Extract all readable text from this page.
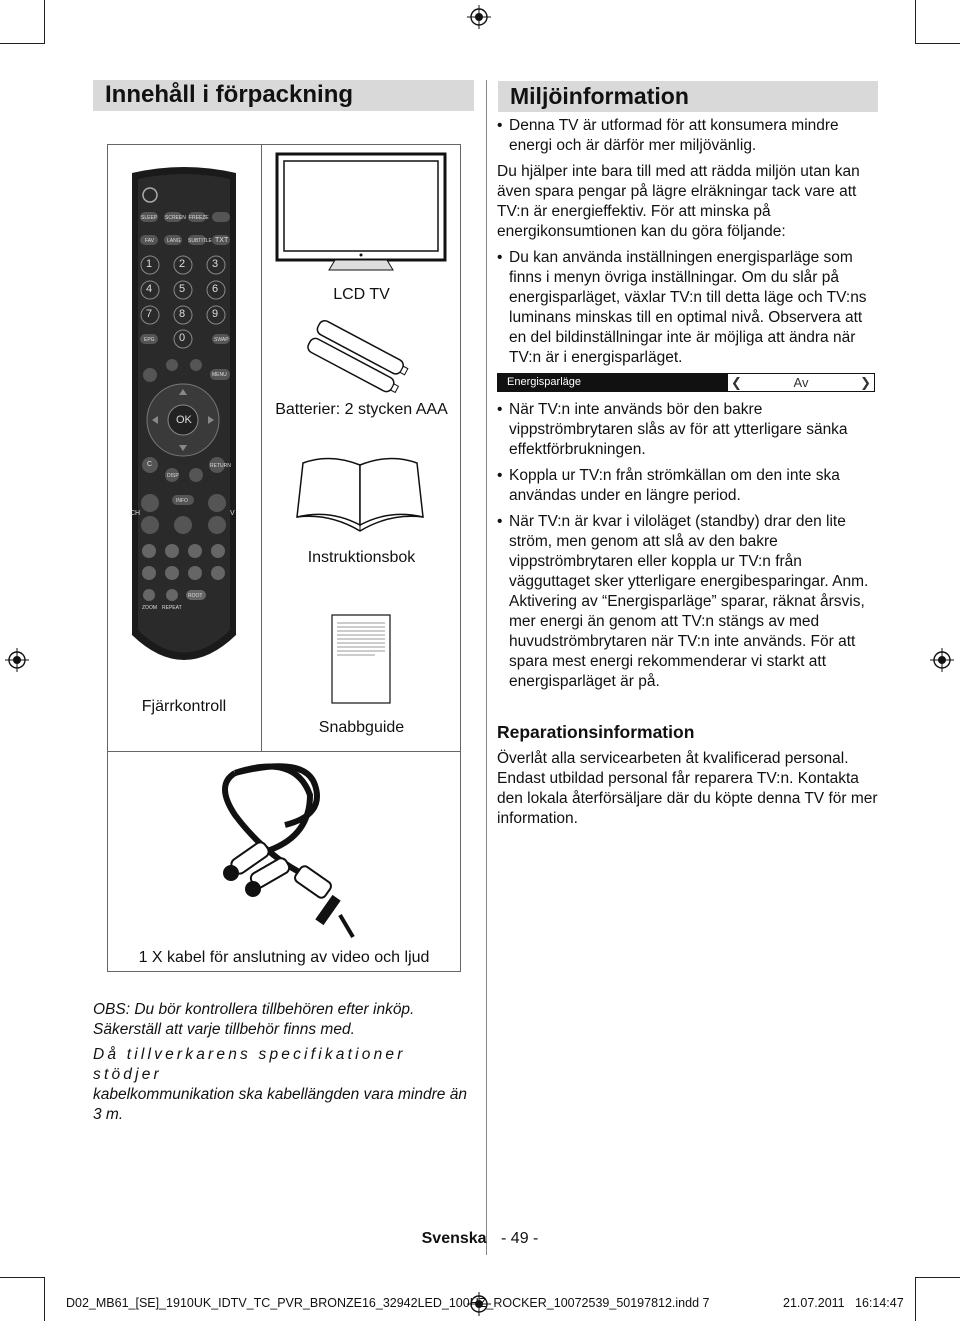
Innehåll i förpackning	Miljöinformation
SLEEP SCREEN FREEZE
FAV	LANG SUBTITLE TXT
1 2 3
4 5 6
7 8 9
EPG 0	SWAP
MENU
OK
C
DISP
RETURN
INFO
CH	V
ROOT
ZOOM REPEAT
Fjärrkontroll
LCD TV
Batterier: 2 stycken AAA
Instruktionsbok
Snabbguide
1 X kabel för anslutning av video och ljud

OBS: Du bör kontrollera tillbehören efter inköp. Säkerställ att varje tillbehör finns med.

Då tillverkarens specifikationer stödjer
kabelkommunikation ska kabellängden vara mindre än 3 m.
• Denna TV är utformad för att konsumera mindre energi och är därför mer miljövänlig.

Du hjälper inte bara till med att rädda miljön utan kan även spara pengar på lägre elräkningar tack vare att TV:n är energieffektiv. För att minska på energikonsumtionen kan du göra följande:

• Du kan använda inställningen energisparläge som finns i menyn övriga inställningar. Om du slår på energisparläget, växlar TV:n till detta läge och TV:ns luminans minskas till en optimal nivå. Observera att en del bildinställningar inte är möjliga att ändra när TV:n är i energisparläget.
Energisparläge	❮	Av	❯
• När TV:n inte används bör den bakre vippströmbrytaren slås av för att ytterligare sänka effektförbrukningen.
• Koppla ur TV:n från strömkällan om den inte ska användas under en längre period.
• När TV:n är kvar i viloläget (standby) drar den lite ström, men genom att slå av den bakre vippströmbrytaren eller koppla ur TV:n från vägguttaget sker ytterligare energibesparingar. Anm. Aktivering av “Energisparläge” sparar, räknat årsvis, mer energi än genom att TV:n stängs av med huvudströmbrytaren när TV:n inte används. För att spara mest energi rekommenderar vi starkt att energisparläget är på.
Reparationsinformation
Överlåt alla servicearbeten åt kvalificerad personal. Endast utbildad personal får reparera TV:n. Kontakta den lokala återförsäljare där du köpte denna TV för mer information.
Svenska - 49 -
D02_MB61_[SE]_1910UK_IDTV_TC_PVR_BRONZE16_32942LED_100HZ_ROCKER_10072539_50197812.indd 7	21.07.2011 16:14:47
